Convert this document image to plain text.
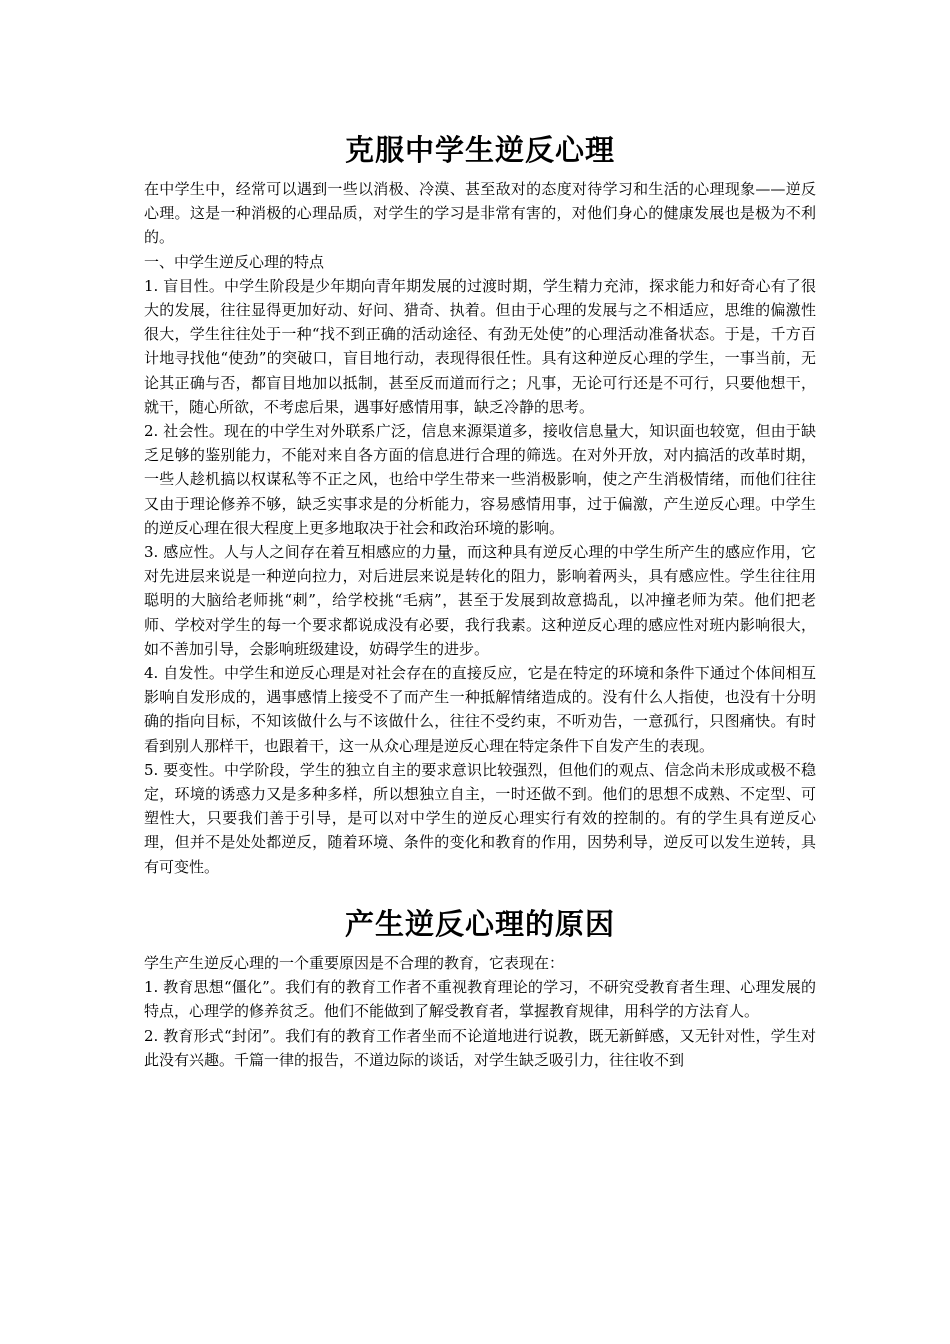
克服中学生逆反心理

在中学生中，经常可以遇到一些以消极、冷漠、甚至敌对的态度对待学习和生活的心理现象——逆反心理。这是一种消极的心理品质，对学生的学习是非常有害的，对他们身心的健康发展也是极为不利的。

一、中学生逆反心理的特点

1. 盲目性。中学生阶段是少年期向青年期发展的过渡时期，学生精力充沛，探求能力和好奇心有了很大的发展，往往显得更加好动、好问、猎奇、执着。但由于心理的发展与之不相适应，思维的偏激性很大，学生往往处于一种“找不到正确的活动途径、有劲无处使”的心理活动准备状态。于是，千方百计地寻找他“使劲”的突破口，盲目地行动，表现得很任性。具有这种逆反心理的学生，一事当前，无论其正确与否，都盲目地加以抵制，甚至反而道而行之；凡事，无论可行还是不可行，只要他想干，就干，随心所欲，不考虑后果，遇事好感情用事，缺乏冷静的思考。

2. 社会性。现在的中学生对外联系广泛，信息来源渠道多，接收信息量大，知识面也较宽，但由于缺乏足够的鉴别能力，不能对来自各方面的信息进行合理的筛选。在对外开放，对内搞活的改革时期，一些人趁机搞以权谋私等不正之风，也给中学生带来一些消极影响，使之产生消极情绪，而他们往往又由于理论修养不够，缺乏实事求是的分析能力，容易感情用事，过于偏激，产生逆反心理。中学生的逆反心理在很大程度上更多地取决于社会和政治环境的影响。

3. 感应性。人与人之间存在着互相感应的力量，而这种具有逆反心理的中学生所产生的感应作用，它对先进层来说是一种逆向拉力，对后进层来说是转化的阻力，影响着两头，具有感应性。学生往往用聪明的大脑给老师挑“刺”，给学校挑“毛病”，甚至于发展到故意捣乱，以冲撞老师为荣。他们把老师、学校对学生的每一个要求都说成没有必要，我行我素。这种逆反心理的感应性对班内影响很大，如不善加引导，会影响班级建设，妨碍学生的进步。

4. 自发性。中学生和逆反心理是对社会存在的直接反应，它是在特定的环境和条件下通过个体间相互影响自发形成的，遇事感情上接受不了而产生一种抵解情绪造成的。没有什么人指使，也没有十分明确的指向目标，不知该做什么与不该做什么，往往不受约束，不听劝告，一意孤行，只图痛快。有时看到别人那样干，也跟着干，这一从众心理是逆反心理在特定条件下自发产生的表现。

5. 要变性。中学阶段，学生的独立自主的要求意识比较强烈，但他们的观点、信念尚未形成或极不稳定，环境的诱惑力又是多种多样，所以想独立自主，一时还做不到。他们的思想不成熟、不定型、可塑性大，只要我们善于引导，是可以对中学生的逆反心理实行有效的控制的。有的学生具有逆反心理，但并不是处处都逆反，随着环境、条件的变化和教育的作用，因势利导，逆反可以发生逆转，具有可变性。

产生逆反心理的原因

学生产生逆反心理的一个重要原因是不合理的教育，它表现在：

1. 教育思想“僵化”。我们有的教育工作者不重视教育理论的学习，不研究受教育者生理、心理发展的特点，心理学的修养贫乏。他们不能做到了解受教育者，掌握教育规律，用科学的方法育人。

2. 教育形式“封闭”。我们有的教育工作者坐而不论道地进行说教，既无新鲜感，又无针对性，学生对此没有兴趣。千篇一律的报告，不道边际的谈话，对学生缺乏吸引力，往往收不到
